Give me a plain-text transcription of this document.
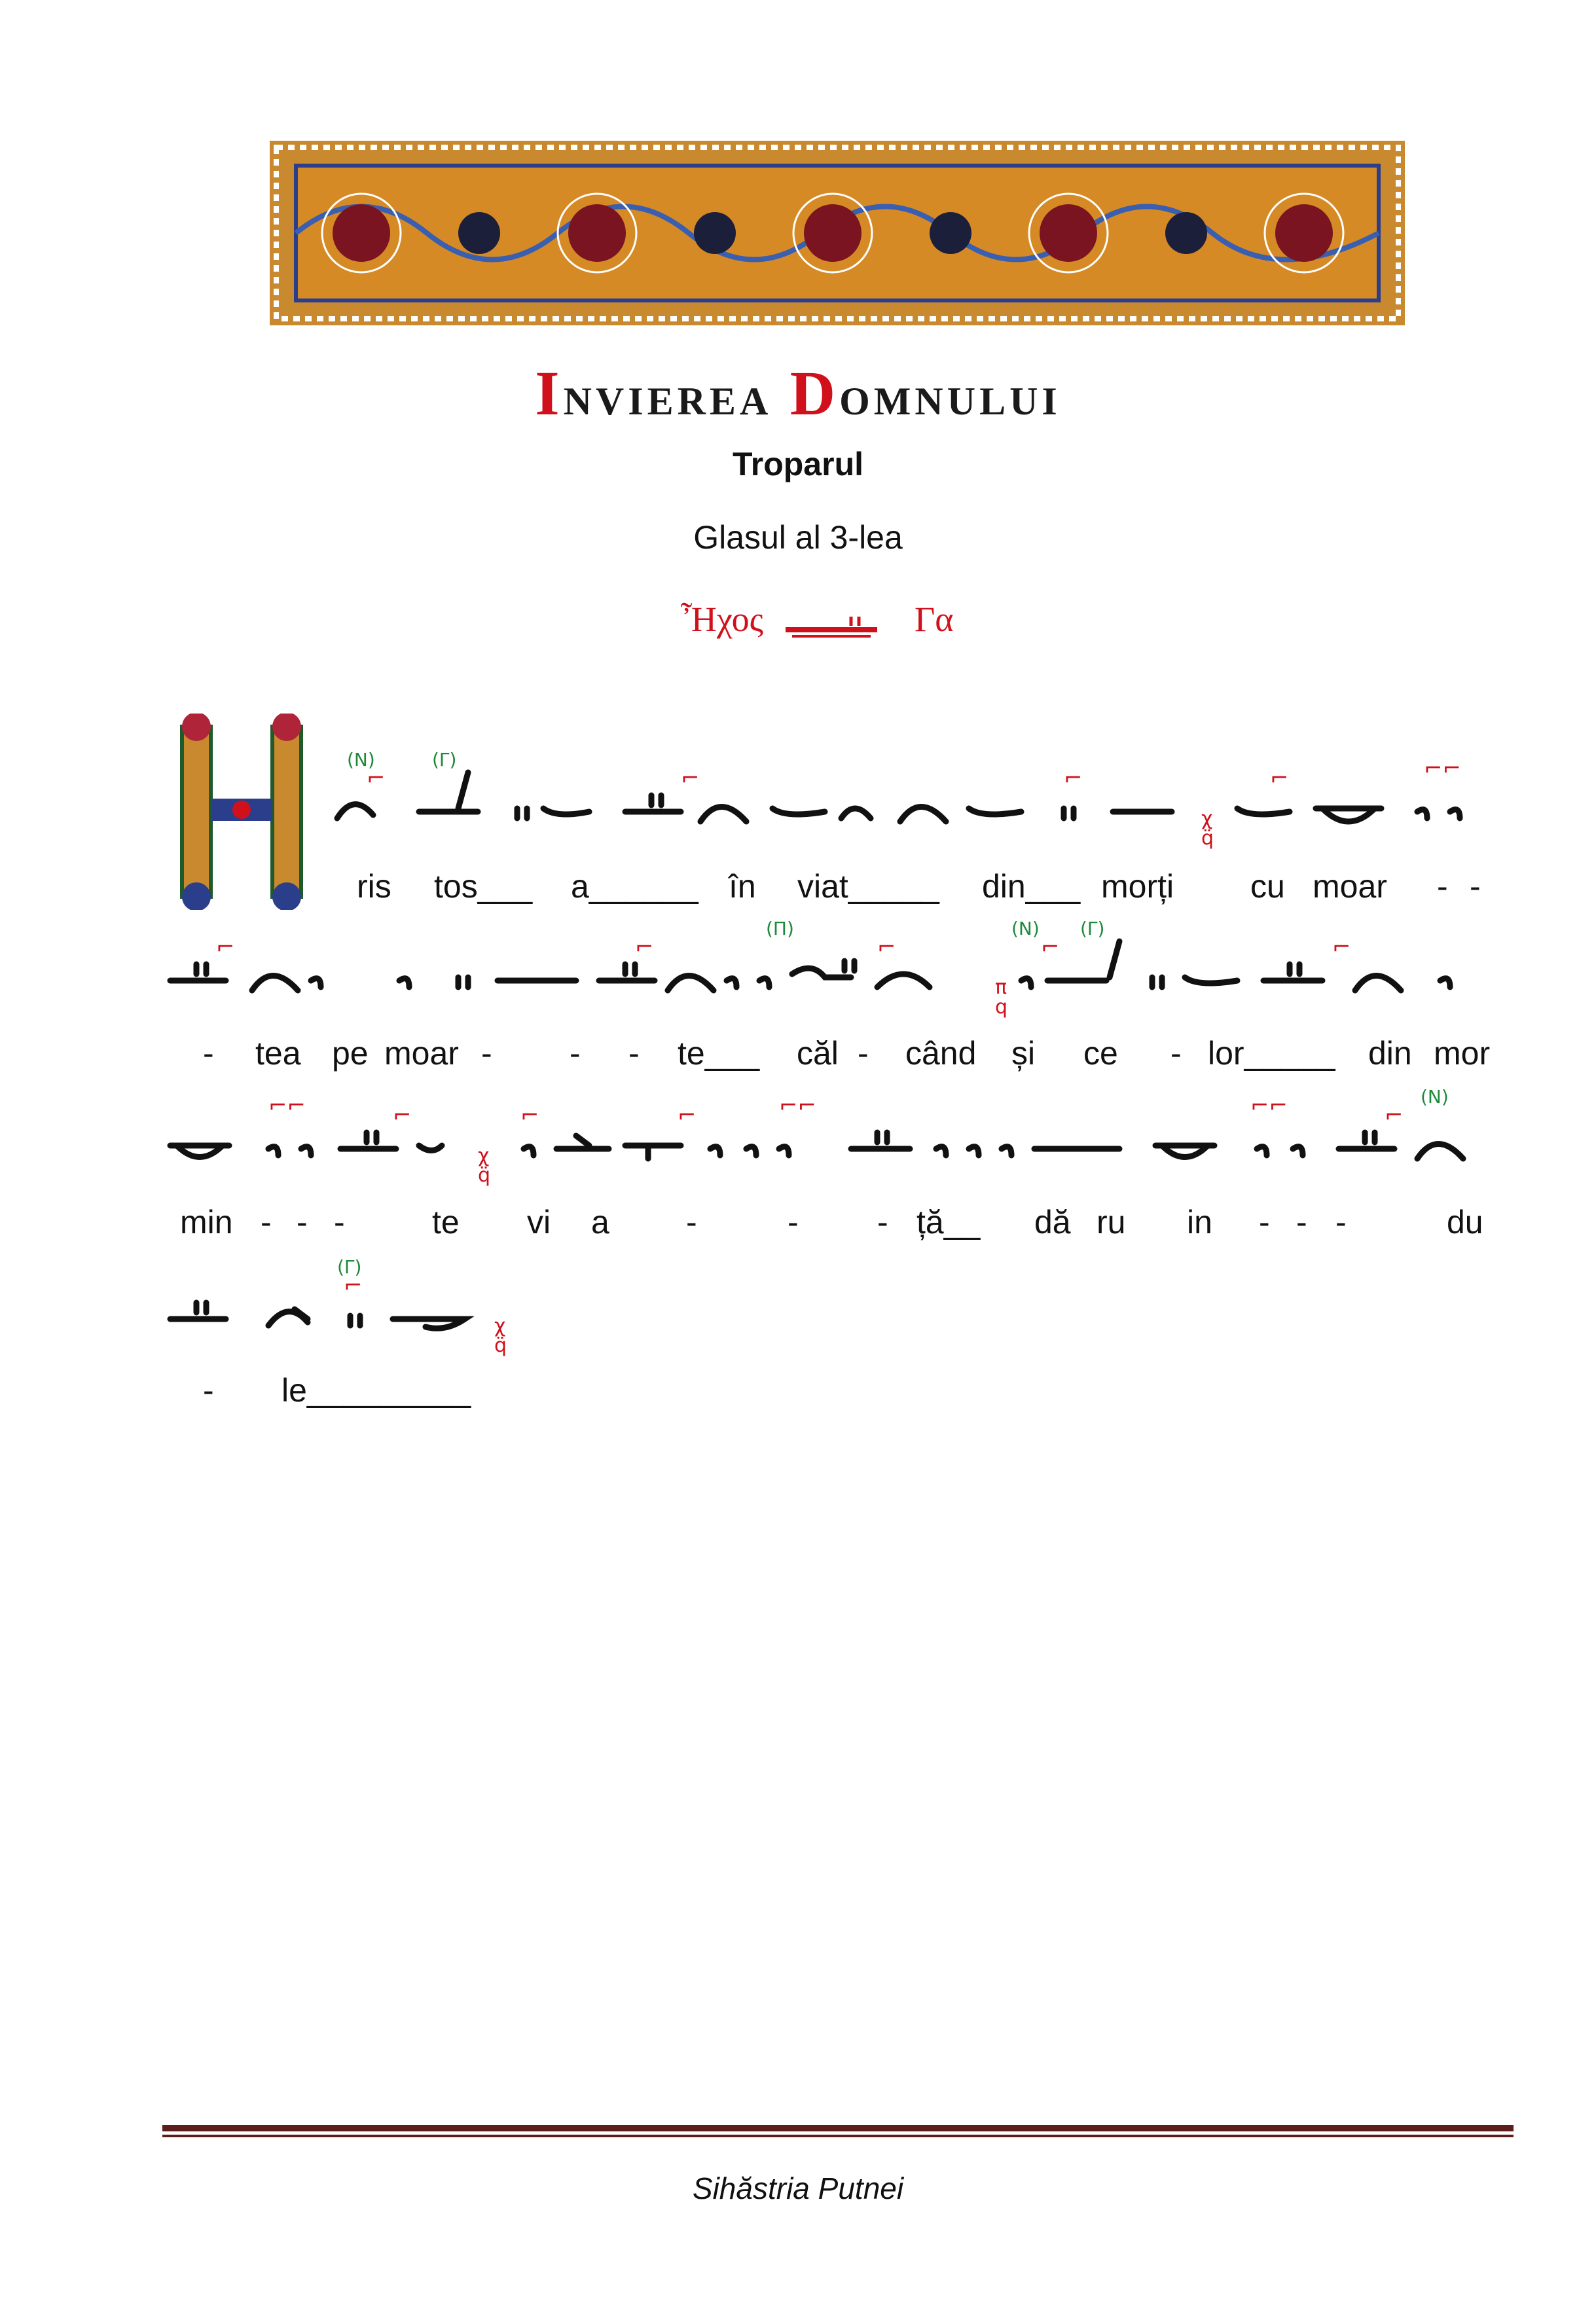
Invierea Domnului
Troparul
Glasul al 3-lea
Ἦχος	Γα
⌐	⌐	⌐	⌐	⌐⌐
χ
q̈
(Ν)	(Γ)
ris tos___ a______ în viat_____ din___ morți cu moar - -
⌐	⌐	⌐	⌐	⌐
π
q
(Π)	(Ν) (Γ)
- tea pe moar - - - te___ căl - când și ce - lor_____ din mor
⌐⌐	⌐	⌐	⌐	⌐⌐	⌐⌐	⌐
χ
q̈
(Ν)
min - - -	te vi a -	- - ță__ dă ru in - - -	du
⌐
χ
q̈
(Γ)
- le_________
Sihăstria Putnei
